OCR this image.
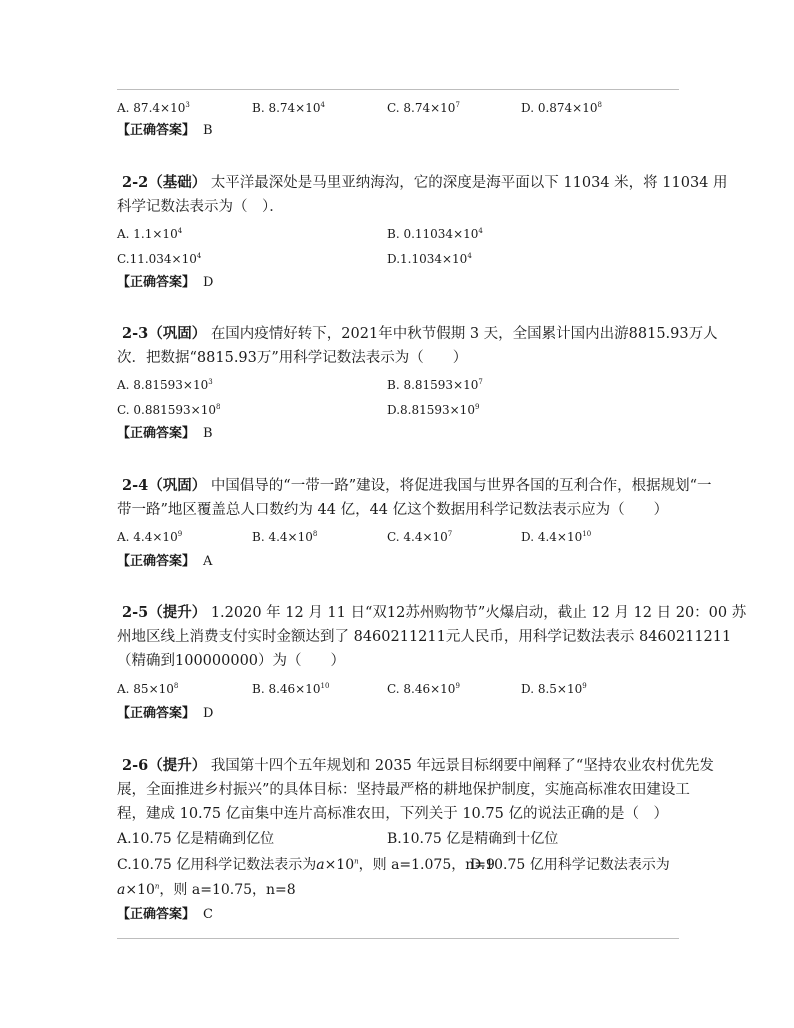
A. $87.4\times 10^3$	B. $8.74\times 10^4$	C. $8.74\times 10^7$	D. $0.874\times 10^8$
【正确答案】 B
2-2（基础） 太平洋最深处是马里亚纳海沟，它的深度是海平面以下 11034 米，将 11034 用
科学记数法表示为（　）．
A. $1.1\times 10^4$	B. $0.11034\times 10^4$
$C.11.034\times 10^4$	$D.1.1034\times 10^4$
【正确答案】 D
2-3（巩固） 在国内疫情好转下，2021年中秋节假期 3 天，全国累计国内出游8815.93万人
次．把数据“8815.93万”用科学记数法表示为（　　）
A. $8.81593\times 10^3$	B. $8.81593\times 10^7$
C. $0.881593\times 10^8$	$D.8.81593\times 10^9$
【正确答案】 B
2-4（巩固） 中国倡导的“一带一路”建设，将促进我国与世界各国的互利合作，根据规划“一
带一路”地区覆盖总人口数约为 44 亿，44 亿这个数据用科学记数法表示应为（　　）
A. $4.4\times 10^9$	B. $4.4\times 10^8$	C. $4.4\times 10^7$	D. $4.4\times 10^{10}$
【正确答案】 A
2-5（提升） 1.2020 年 12 月 11 日“双12苏州购物节”火爆启动，截止 12 月 12 日 20：00 苏
州地区线上消费支付实时金额达到了 8460211211元人民币，用科学记数法表示 8460211211
（精确到100000000）为（　　）
A. $85\times 10^8$	B. $8.46\times 10^{10}$	C. $8.46\times 10^9$	D. $8.5\times 10^9$
【正确答案】 D
2-6（提升） 我国第十四个五年规划和 2035 年远景目标纲要中阐释了“坚持农业农村优先发
展，全面推进乡村振兴”的具体目标：坚持最严格的耕地保护制度，实施高标准农田建设工
程，建成 10.75 亿亩集中连片高标准农田，下列关于 10.75 亿的说法正确的是（　）
A.10.75 亿是精确到亿位	B.10.75 亿是精确到十亿位
C.10.75 亿用科学记数法表示为$a\times 10^n$，则 a=1.075，n=9
D.10.75 亿用科学记数法表示为
$a\times 10^n$，则 a=10.75，n=8
【正确答案】 C
